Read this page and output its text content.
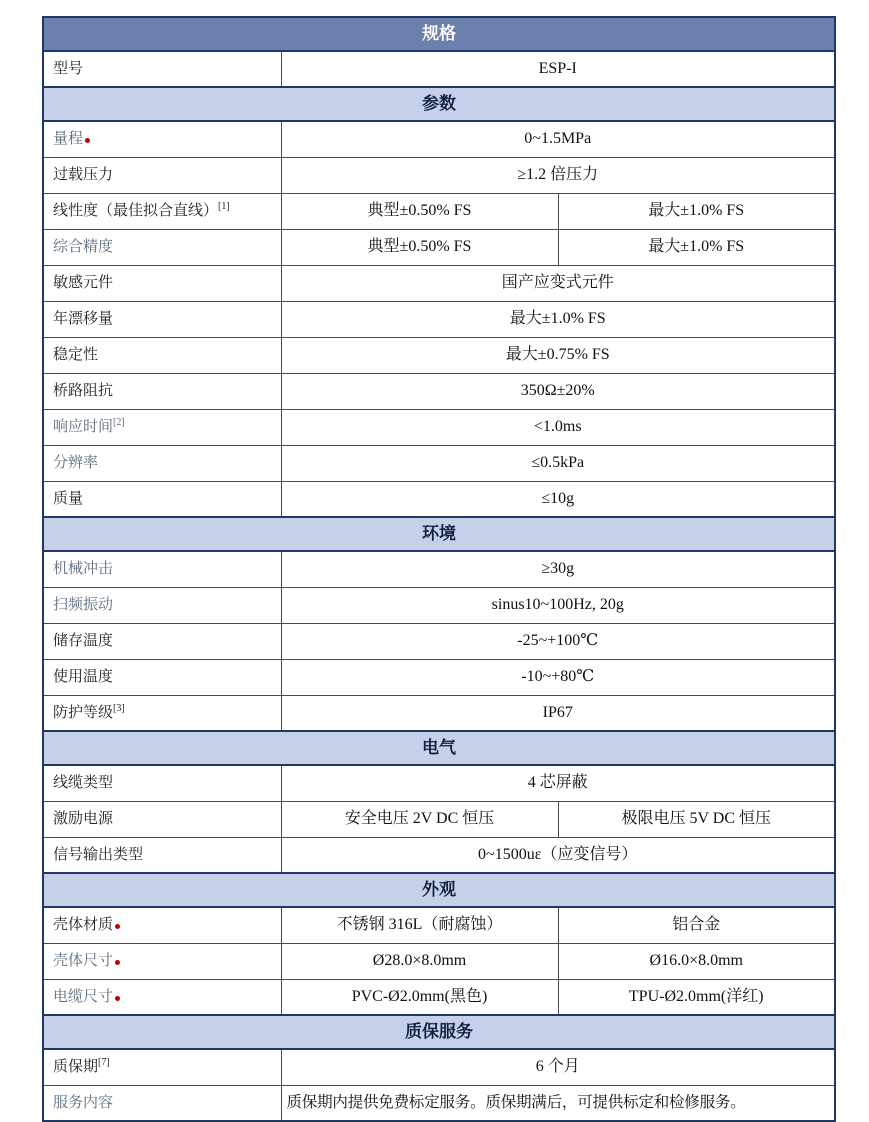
规格		
型号	ESP-I	
参数		
量程	0~1.5MPa	
过载压力	≥1.2 倍压力	
线性度（最佳拟合直线）[1]	典型±0.50% FS	最大±1.0% FS
综合精度	典型±0.50% FS	最大±1.0% FS
敏感元件	国产应变式元件	
年漂移量	最大±1.0% FS	
稳定性	最大±0.75% FS	
桥路阻抗	350Ω±20%	
响应时间[2]	<1.0ms	
分辨率	≤0.5kPa	
质量	≤10g	
环境		
机械冲击	≥30g	
扫频振动	sinus10~100Hz, 20g	
储存温度	-25~+100℃	
使用温度	-10~+80℃	
防护等级[3]	IP67	
电气		
线缆类型	4 芯屏蔽	
激励电源	安全电压 2V DC 恒压	极限电压 5V DC 恒压
信号输出类型	0~1500uε（应变信号）	
外观		
壳体材质	不锈钢 316L（耐腐蚀）	铝合金
壳体尺寸	Ø28.0×8.0mm	Ø16.0×8.0mm
电缆尺寸	PVC-Ø2.0mm(黑色)	TPU-Ø2.0mm(洋红)
质保服务		
质保期[7]	6 个月	
服务内容	质保期内提供免费标定服务。质保期满后，可提供标定和检修服务。	
